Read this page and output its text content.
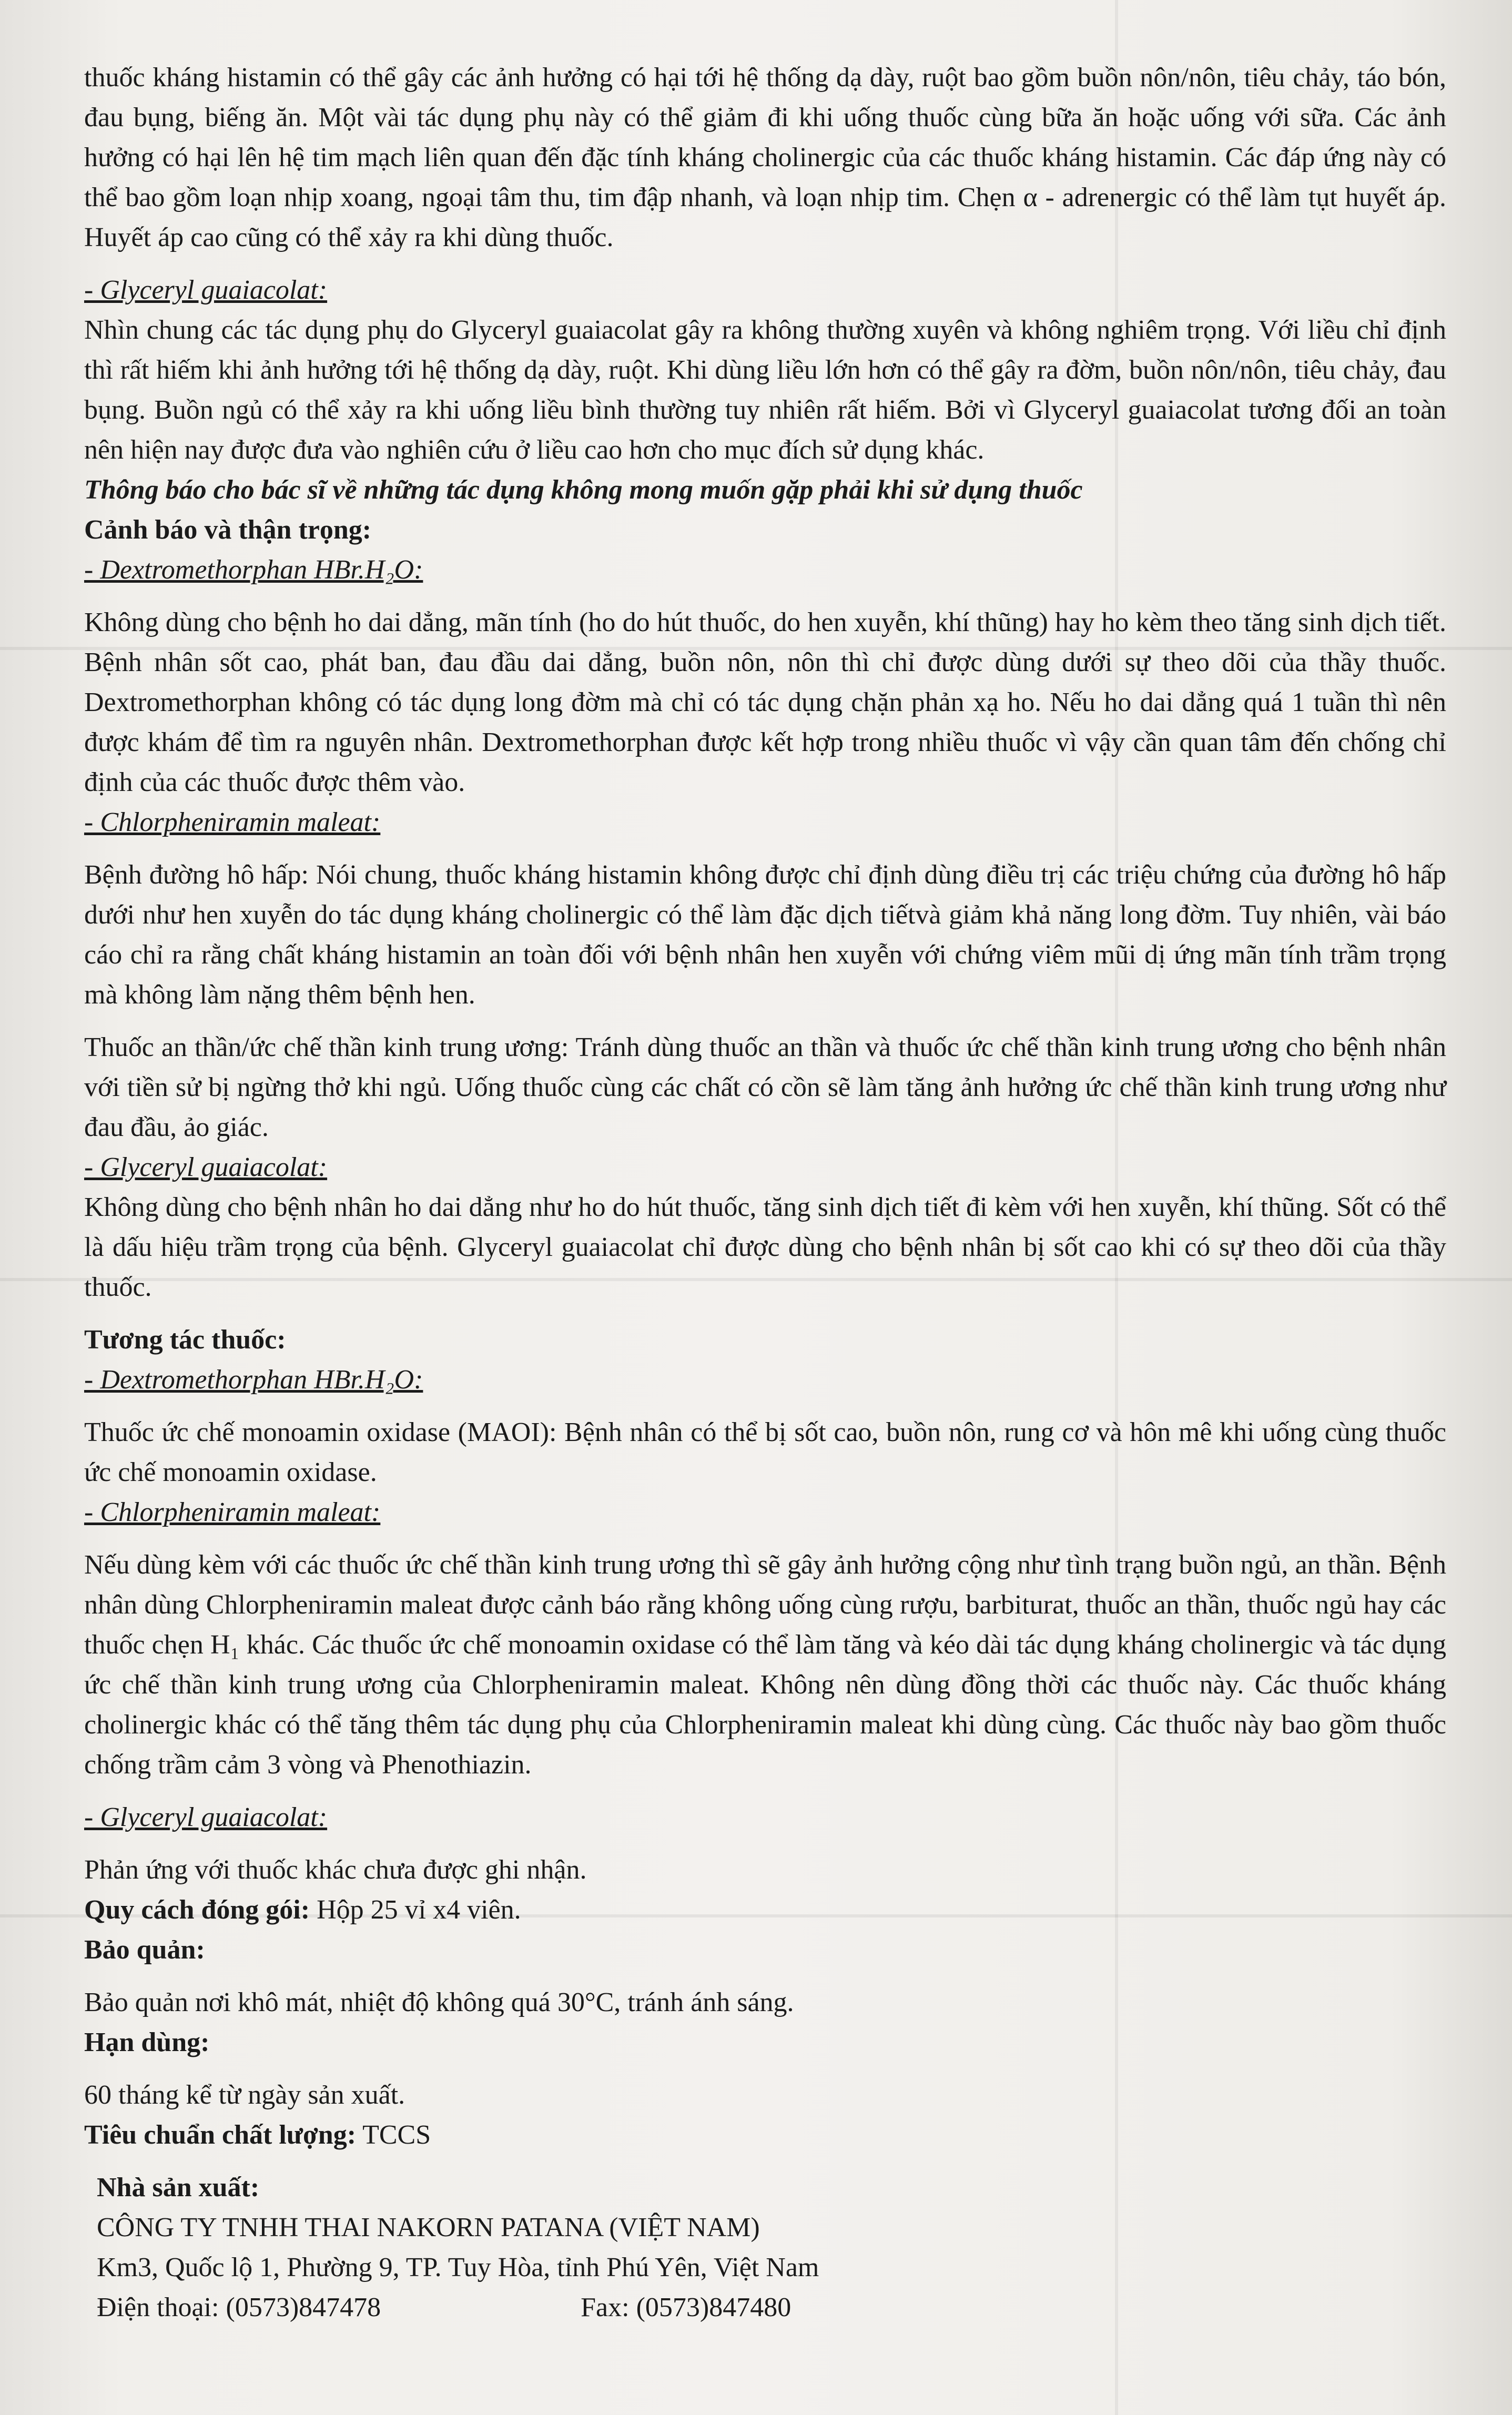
thuốc kháng histamin có thể gây các ảnh hưởng có hại tới hệ thống dạ dày, ruột bao gồm buồn nôn/nôn, tiêu chảy, táo bón, đau bụng, biếng ăn. Một vài tác dụng phụ này có thể giảm đi khi uống thuốc cùng bữa ăn hoặc uống với sữa. Các ảnh hưởng có hại lên hệ tim mạch liên quan đến đặc tính kháng cholinergic của các thuốc kháng histamin. Các đáp ứng này có thể bao gồm loạn nhịp xoang, ngoại tâm thu, tim đập nhanh, và loạn nhịp tim. Chẹn α - adrenergic có thể làm tụt huyết áp. Huyết áp cao cũng có thể xảy ra khi dùng thuốc.

- Glyceryl guaiacolat:

Nhìn chung các tác dụng phụ do Glyceryl guaiacolat gây ra không thường xuyên và không nghiêm trọng. Với liều chỉ định thì rất hiếm khi ảnh hưởng tới hệ thống dạ dày, ruột. Khi dùng liều lớn hơn có thể gây ra đờm, buồn nôn/nôn, tiêu chảy, đau bụng. Buồn ngủ có thể xảy ra khi uống liều bình thường tuy nhiên rất hiếm. Bởi vì Glyceryl guaiacolat tương đối an toàn nên hiện nay được đưa vào nghiên cứu ở liều cao hơn cho mục đích sử dụng khác.

Thông báo cho bác sĩ về những tác dụng không mong muốn gặp phải khi sử dụng thuốc

Cảnh báo và thận trọng:

- Dextromethorphan HBr.H₂O:

Không dùng cho bệnh ho dai dẳng, mãn tính (ho do hút thuốc, do hen xuyễn, khí thũng) hay ho kèm theo tăng sinh dịch tiết. Bệnh nhân sốt cao, phát ban, đau đầu dai dẳng, buồn nôn, nôn thì chỉ được dùng dưới sự theo dõi của thầy thuốc. Dextromethorphan không có tác dụng long đờm mà chỉ có tác dụng chặn phản xạ ho. Nếu ho dai dẳng quá 1 tuần thì nên được khám để tìm ra nguyên nhân. Dextromethorphan được kết hợp trong nhiều thuốc vì vậy cần quan tâm đến chống chỉ định của các thuốc được thêm vào.

- Chlorpheniramin maleat:

Bệnh đường hô hấp: Nói chung, thuốc kháng histamin không được chỉ định dùng điều trị các triệu chứng của đường hô hấp dưới như hen xuyễn do tác dụng kháng cholinergic có thể làm đặc dịch tiếtvà giảm khả năng long đờm. Tuy nhiên, vài báo cáo chỉ ra rằng chất kháng histamin an toàn đối với bệnh nhân hen xuyễn với chứng viêm mũi dị ứng mãn tính trầm trọng mà không làm nặng thêm bệnh hen.

Thuốc an thần/ức chế thần kinh trung ương: Tránh dùng thuốc an thần và thuốc ức chế thần kinh trung ương cho bệnh nhân với tiền sử bị ngừng thở khi ngủ. Uống thuốc cùng các chất có cồn sẽ làm tăng ảnh hưởng ức chế thần kinh trung ương như đau đầu, ảo giác.

- Glyceryl guaiacolat:

Không dùng cho bệnh nhân ho dai dẳng như ho do hút thuốc, tăng sinh dịch tiết đi kèm với hen xuyễn, khí thũng. Sốt có thể là dấu hiệu trầm trọng của bệnh. Glyceryl guaiacolat chỉ được dùng cho bệnh nhân bị sốt cao khi có sự theo dõi của thầy thuốc.

Tương tác thuốc:

- Dextromethorphan HBr.H₂O:

Thuốc ức chế monoamin oxidase (MAOI): Bệnh nhân có thể bị sốt cao, buồn nôn, rung cơ và hôn mê khi uống cùng thuốc ức chế monoamin oxidase.

- Chlorpheniramin maleat:

Nếu dùng kèm với các thuốc ức chế thần kinh trung ương thì sẽ gây ảnh hưởng cộng như tình trạng buồn ngủ, an thần. Bệnh nhân dùng Chlorpheniramin maleat được cảnh báo rằng không uống cùng rượu, barbiturat, thuốc an thần, thuốc ngủ hay các thuốc chẹn H₁ khác. Các thuốc ức chế monoamin oxidase có thể làm tăng và kéo dài tác dụng kháng cholinergic và tác dụng ức chế thần kinh trung ương của Chlorpheniramin maleat. Không nên dùng đồng thời các thuốc này. Các thuốc kháng cholinergic khác có thể tăng thêm tác dụng phụ của Chlorpheniramin maleat khi dùng cùng. Các thuốc này bao gồm thuốc chống trầm cảm 3 vòng và Phenothiazin.

- Glyceryl guaiacolat:

Phản ứng với thuốc khác chưa được ghi nhận.

Quy cách đóng gói: Hộp 25 vỉ x4 viên.

Bảo quản:

Bảo quản nơi khô mát, nhiệt độ không quá 30°C, tránh ánh sáng.

Hạn dùng:

60 tháng kể từ ngày sản xuất.

Tiêu chuẩn chất lượng: TCCS

Nhà sản xuất:

CÔNG TY TNHH THAI NAKORN PATANA (VIỆT NAM)

Km3, Quốc lộ 1, Phường 9, TP. Tuy Hòa, tỉnh Phú Yên, Việt Nam

Điện thoại: (0573)847478	Fax: (0573)847480
